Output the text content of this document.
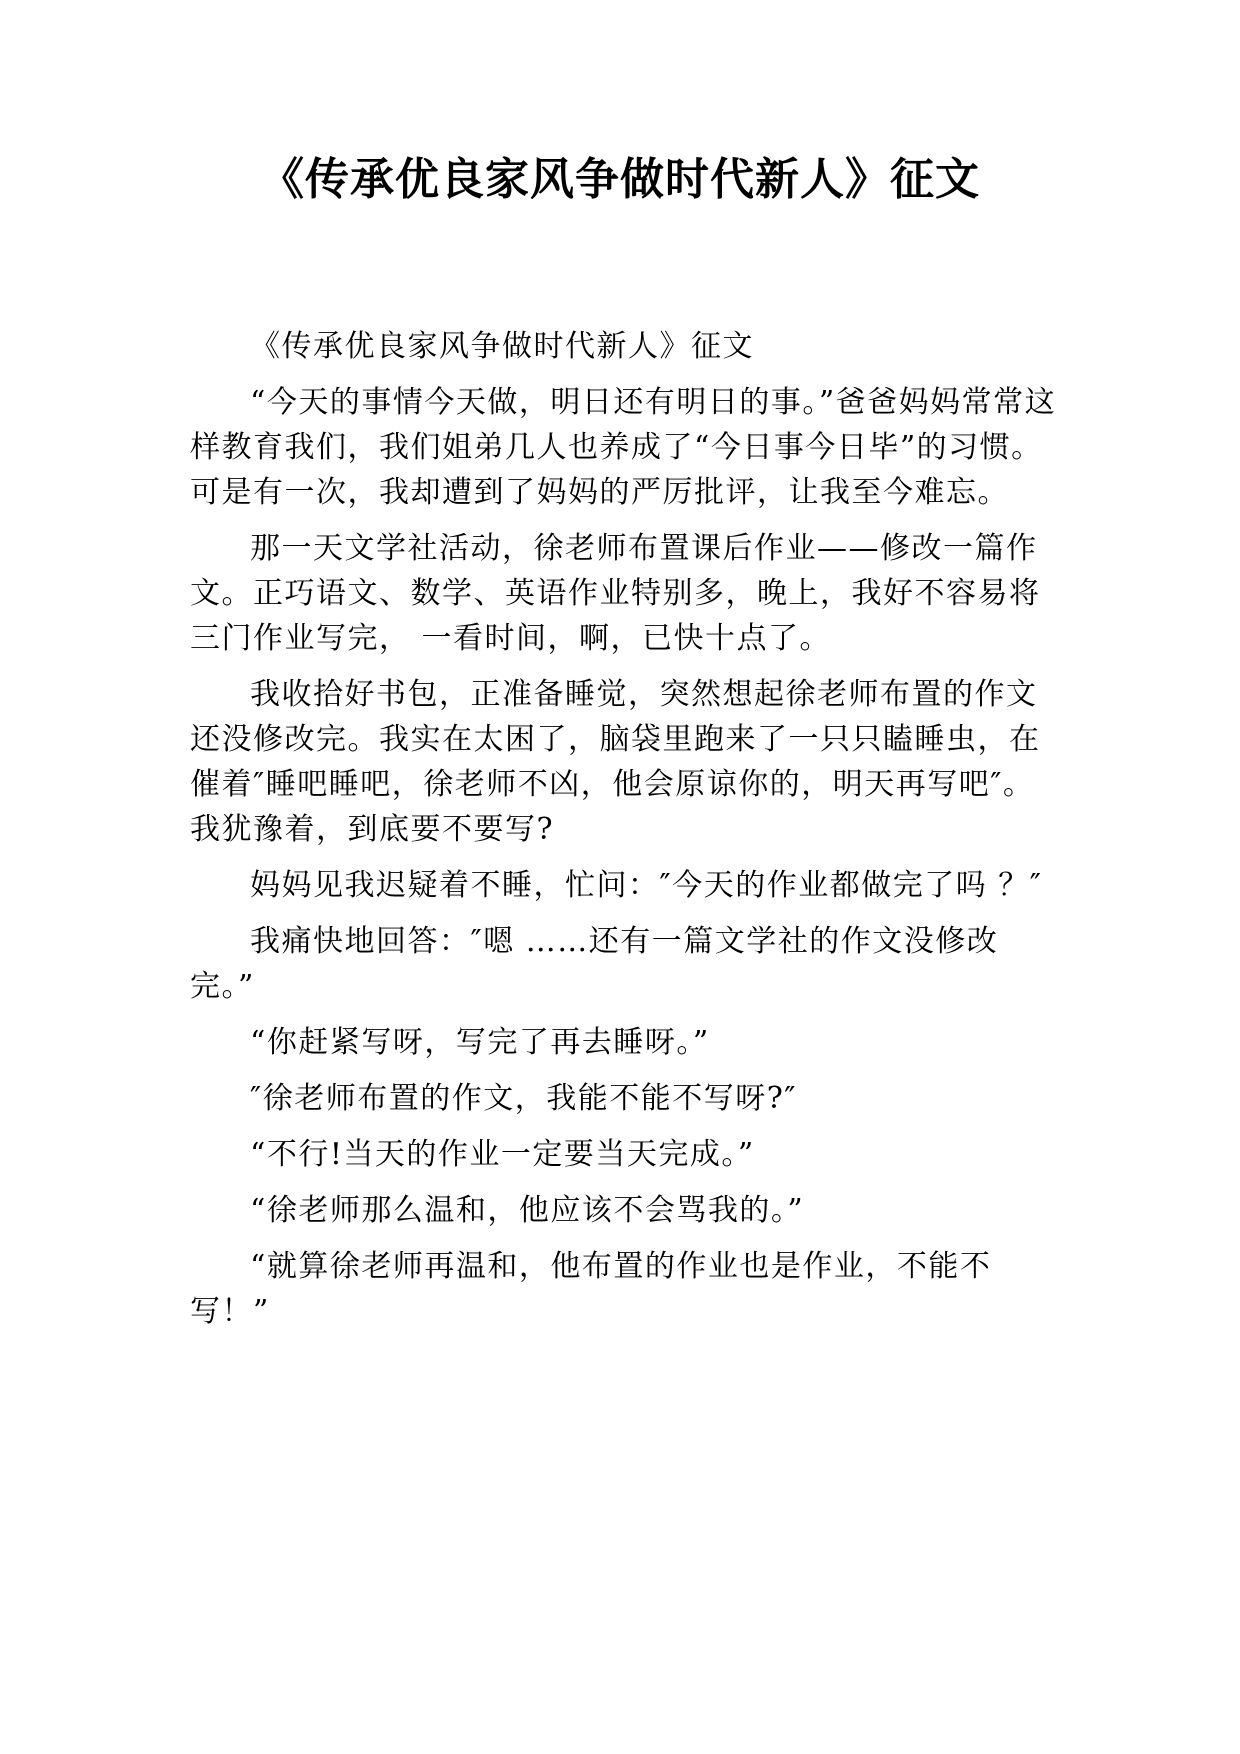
《传承优良家风争做时代新人》征文

《传承优良家风争做时代新人》征文

“今天的事情今天做，明日还有明日的事。”爸爸妈妈常常这样教育我们，我们姐弟几人也养成了“今日事今日毕”的习惯。可是有一次，我却遭到了妈妈的严厉批评，让我至今难忘。

那一天文学社活动，徐老师布置课后作业——修改一篇作文。正巧语文、数学、英语作业特别多，晚上，我好不容易将三门作业写完， 一看时间，啊，已快十点了。

我收拾好书包，正准备睡觉，突然想起徐老师布置的作文还没修改完。我实在太困了，脑袋里跑来了一只只瞌睡虫，在催着″睡吧睡吧，徐老师不凶，他会原谅你的，明天再写吧″。我犹豫着，到底要不要写?

妈妈见我迟疑着不睡，忙问：″今天的作业都做完了吗 ？″

我痛快地回答：″嗯 ……还有一篇文学社的作文没修改完。”

“你赶紧写呀，写完了再去睡呀。”

″徐老师布置的作文，我能不能不写呀?″

“不行!当天的作业一定要当天完成。”

“徐老师那么温和，他应该不会骂我的。”

“就算徐老师再温和，他布置的作业也是作业，不能不写！”
